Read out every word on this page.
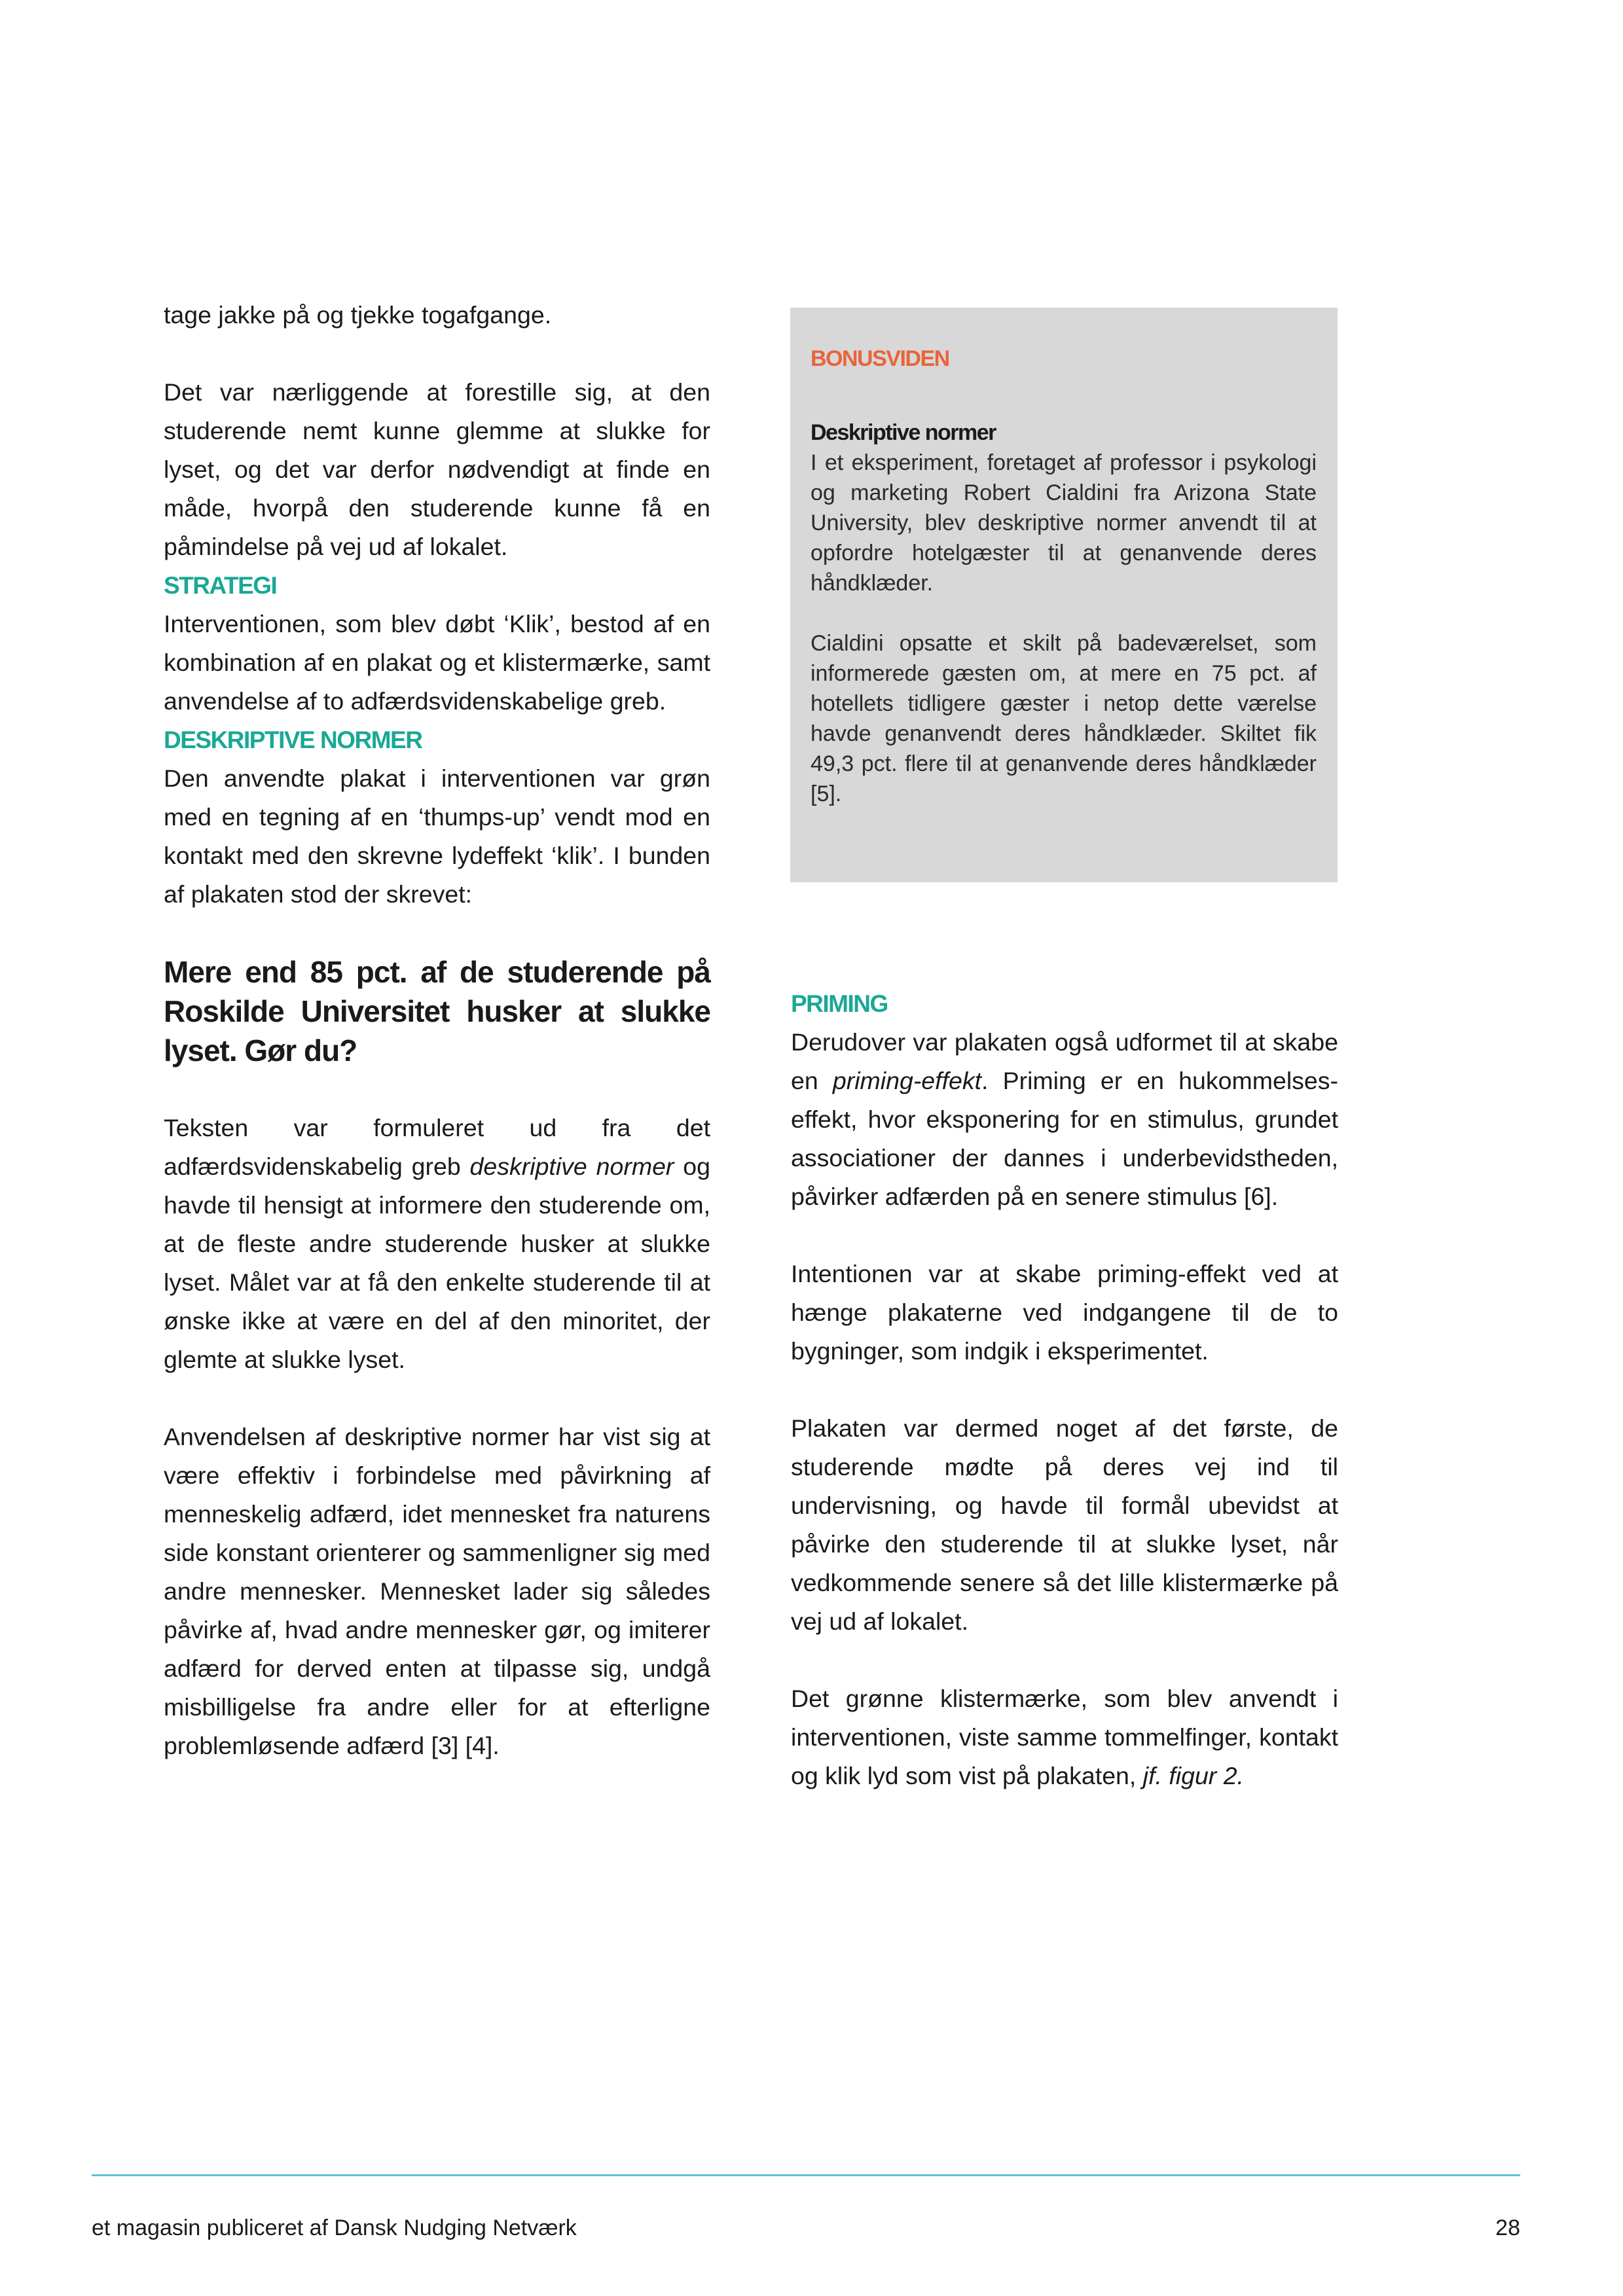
tage jakke på og tjekke togafgange.

Det var nærliggende at forestille sig, at den studerende nemt kunne glemme at slukke for lyset, og det var derfor nødvendigt at finde en måde, hvorpå den studerende kunne få en påmindelse på vej ud af lokalet.

STRATEGI

Interventionen, som blev døbt ‘Klik’, bestod af en kombination af en plakat og et klistermærke, samt anvendelse af to adfærdsvidenskabelige greb.

DESKRIPTIVE NORMER

Den anvendte plakat i interventionen var grøn med en tegning af en ‘thumps-up’ vendt mod en kontakt med den skrevne lydeffekt ‘klik’. I bunden af plakaten stod der skrevet:

Mere end 85 pct. af de studerende på Roskilde Universitet husker at slukke lyset. Gør du?

Teksten var formuleret ud fra det adfærdsvidenskabelig greb deskriptive normer og havde til hensigt at informere den studerende om, at de fleste andre studerende husker at slukke lyset. Målet var at få den enkelte studerende til at ønske ikke at være en del af den minoritet, der glemte at slukke lyset.

Anvendelsen af deskriptive normer har vist sig at være effektiv i forbindelse med påvirkning af menneskelig adfærd, idet mennesket fra naturens side konstant orienterer og sammenligner sig med andre mennesker. Mennesket lader sig således påvirke af, hvad andre mennesker gør, og imiterer adfærd for derved enten at tilpasse sig, undgå misbilligelse fra andre eller for at efterligne problemløsende adfærd [3] [4].

BONUSVIDEN

Deskriptive normer

I et eksperiment, foretaget af professor i psykologi og marketing Robert Cialdini fra Arizona State University, blev deskriptive normer anvendt til at opfordre hotelgæster til at genanvende deres håndklæder.

Cialdini opsatte et skilt på badeværelset, som informerede gæsten om, at mere en 75 pct. af hotellets tidligere gæster i netop dette værelse havde genanvendt deres håndklæder. Skiltet fik 49,3 pct. flere til at genanvende deres håndklæder [5].

PRIMING

Derudover var plakaten også udformet til at skabe en priming-effekt. Priming er en hukommelses-effekt, hvor eksponering for en stimulus, grundet associationer der dannes i underbevidstheden, påvirker adfærden på en senere stimulus [6].

Intentionen var at skabe priming-effekt ved at hænge plakaterne ved indgangene til de to bygninger, som indgik i eksperimentet.

Plakaten var dermed noget af det første, de studerende mødte på deres vej ind til undervisning, og havde til formål ubevidst at påvirke den studerende til at slukke lyset, når vedkommende senere så det lille klistermærke på vej ud af lokalet.

Det grønne klistermærke, som blev anvendt i interventionen, viste samme tommelfinger, kontakt og klik lyd som vist på plakaten, jf. figur 2.

et magasin publiceret af Dansk Nudging Netværk	28
